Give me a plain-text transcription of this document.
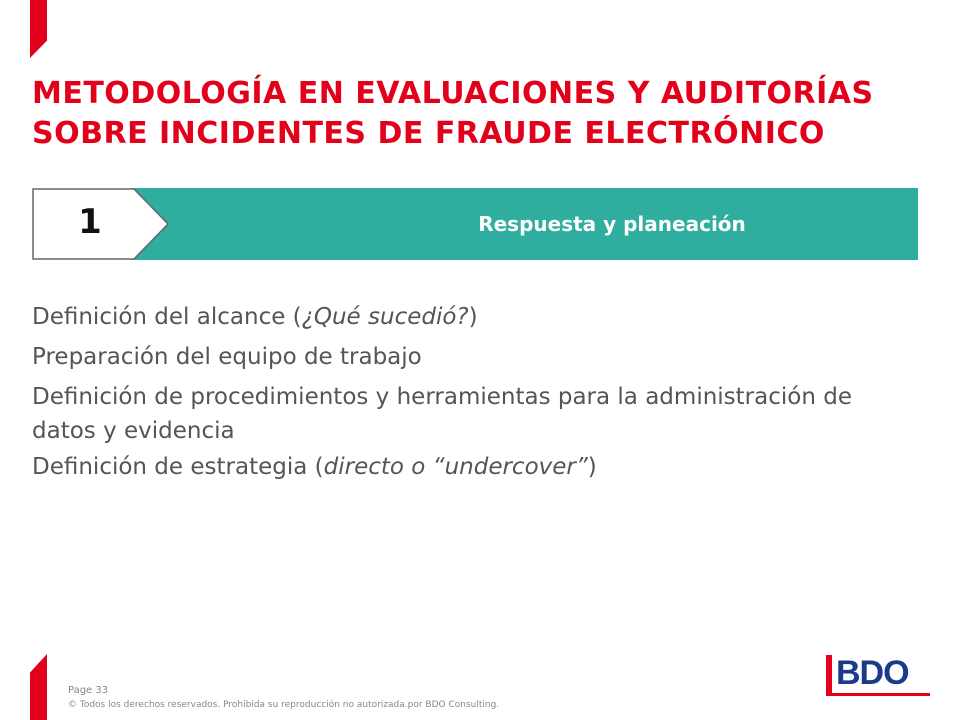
METODOLOGÍA EN EVALUACIONES Y AUDITORÍAS
SOBRE INCIDENTES DE FRAUDE ELECTRÓNICO
Respuesta y planeación
1
Definición del alcance (¿Qué sucedió?)
Preparación del equipo de trabajo
Definición de procedimientos y herramientas para la administración de datos y evidencia
Definición de estrategia (directo o “undercover”)
Page 33
© Todos los derechos reservados. Prohibida su reproducción no autorizada.por BDO Consulting.
BDO
